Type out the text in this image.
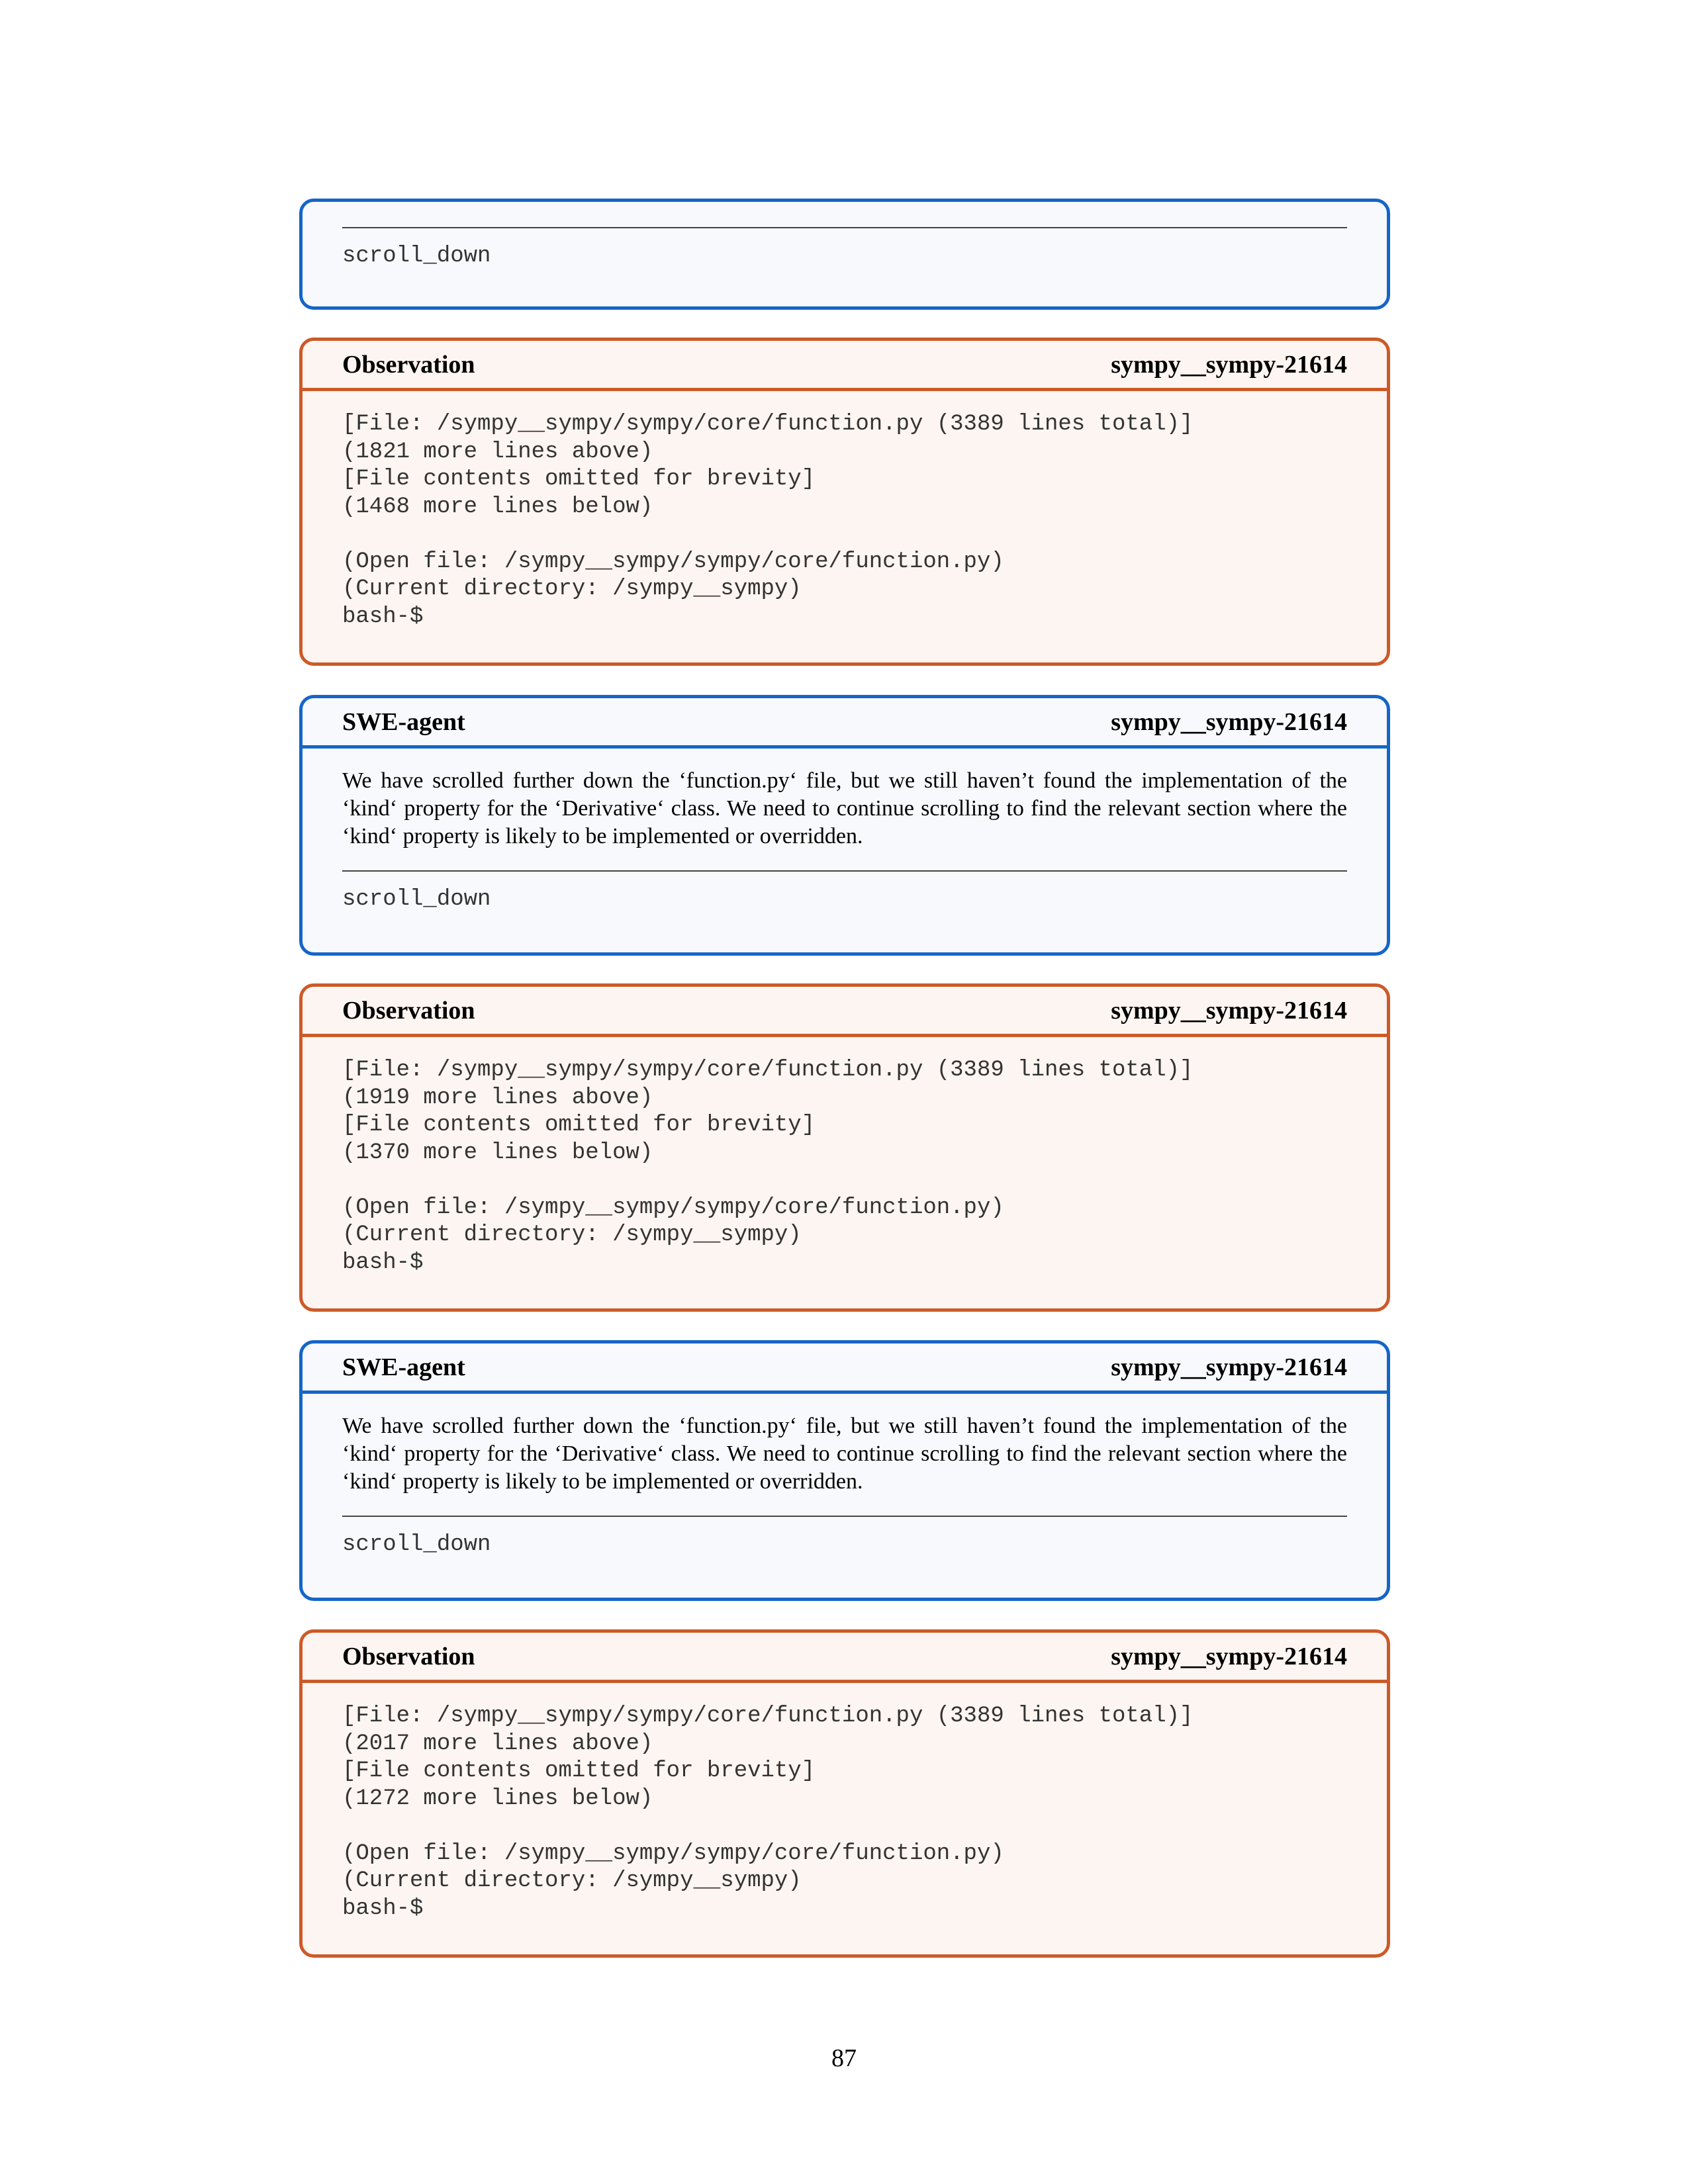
scroll_down
Observation	sympy__sympy-21614
[File: /sympy__sympy/sympy/core/function.py (3389 lines total)]
(1821 more lines above)
[File contents omitted for brevity]
(1468 more lines below)

(Open file: /sympy__sympy/sympy/core/function.py)
(Current directory: /sympy__sympy)
bash-$
SWE-agent	sympy__sympy-21614
We have scrolled further down the ‘function.py‘ file, but we still haven’t found the implementation of the ‘kind‘ property for the ‘Derivative‘ class. We need to continue scrolling to find the relevant section where the ‘kind‘ property is likely to be implemented or overridden.
scroll_down
Observation	sympy__sympy-21614
[File: /sympy__sympy/sympy/core/function.py (3389 lines total)]
(1919 more lines above)
[File contents omitted for brevity]
(1370 more lines below)

(Open file: /sympy__sympy/sympy/core/function.py)
(Current directory: /sympy__sympy)
bash-$
SWE-agent	sympy__sympy-21614
We have scrolled further down the ‘function.py‘ file, but we still haven’t found the implementation of the ‘kind‘ property for the ‘Derivative‘ class. We need to continue scrolling to find the relevant section where the ‘kind‘ property is likely to be implemented or overridden.
scroll_down
Observation	sympy__sympy-21614
[File: /sympy__sympy/sympy/core/function.py (3389 lines total)]
(2017 more lines above)
[File contents omitted for brevity]
(1272 more lines below)

(Open file: /sympy__sympy/sympy/core/function.py)
(Current directory: /sympy__sympy)
bash-$
87
